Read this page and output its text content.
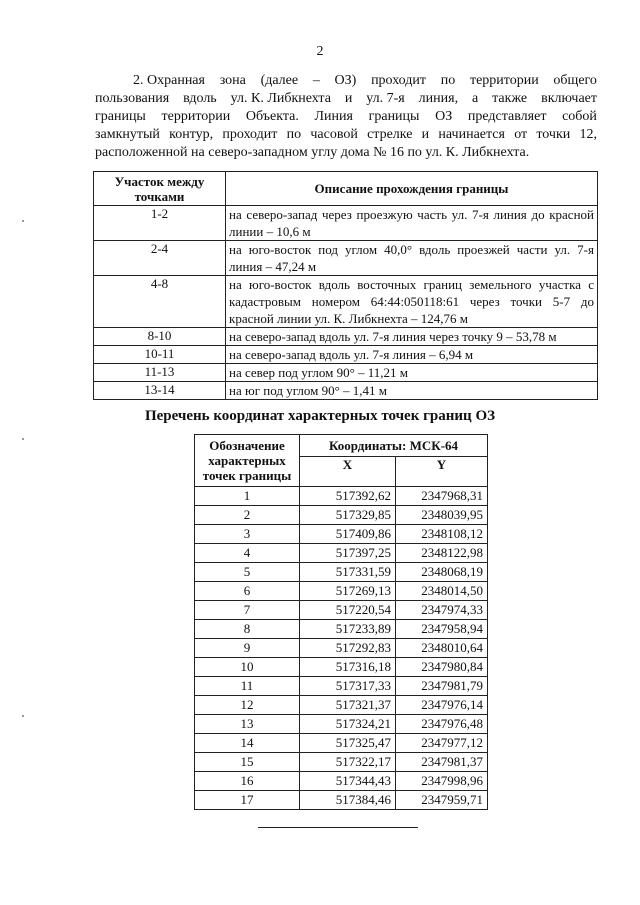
2
2. Охранная зона (далее – ОЗ) проходит по территории общего
пользования вдоль ул. К. Либкнехта и ул. 7-я линия, а также включает
границы территории Объекта. Линия границы ОЗ представляет собой
замкнутый контур, проходит по часовой стрелке и начинается от точки 12,
расположенной на северо-западном углу дома № 16 по ул. К. Либкнехта.
Участок между точками	Описание прохождения границы
1-2	на северо-запад через проезжую часть ул. 7-я линия до красной линии – 10,6 м
2-4	на юго-восток под углом 40,0° вдоль проезжей части ул. 7-я линия – 47,24 м
4-8	на юго-восток вдоль восточных границ земельного участка с кадастровым номером 64:44:050118:61 через точки 5-7 до красной линии ул. К. Либкнехта – 124,76 м
8-10	на северо-запад вдоль ул. 7-я линия через точку 9 – 53,78 м
10-11	на северо-запад вдоль ул. 7-я линия – 6,94 м
11-13	на север под углом 90° – 11,21 м
13-14	на юг под углом 90° – 1,41 м
Перечень координат характерных точек границ ОЗ
Обозначение характерных точек границы	Координаты: МСК-64	
	X	Y
1	517392,62	2347968,31
2	517329,85	2348039,95
3	517409,86	2348108,12
4	517397,25	2348122,98
5	517331,59	2348068,19
6	517269,13	2348014,50
7	517220,54	2347974,33
8	517233,89	2347958,94
9	517292,83	2348010,64
10	517316,18	2347980,84
11	517317,33	2347981,79
12	517321,37	2347976,14
13	517324,21	2347976,48
14	517325,47	2347977,12
15	517322,17	2347981,37
16	517344,43	2347998,96
17	517384,46	2347959,71
